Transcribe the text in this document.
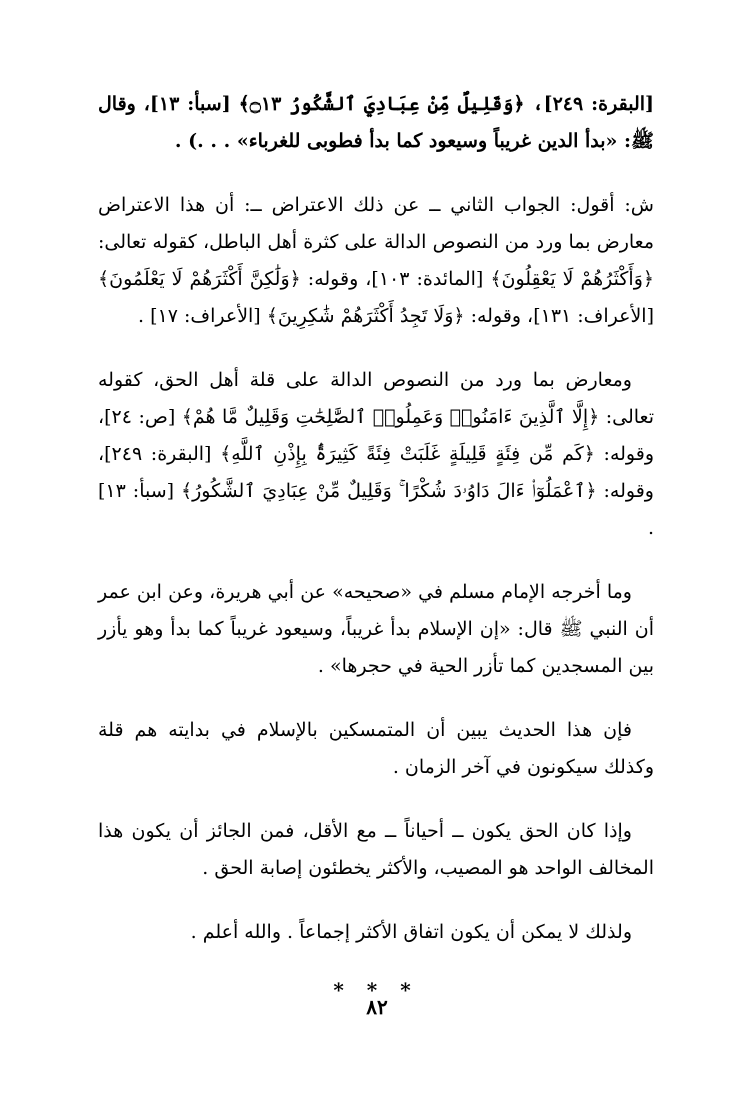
[البقرة: ٢٤٩]، ﴿وَقَلِيلٌ مِّنْ عِبَادِيَ ٱلشَّكُورُ ۝١٣﴾ [سبأ: ١٣]، وقال ﷺ: «بدأ الدين غريباً وسيعود كما بدأ فطوبى للغرباء» . . .) .

ش: أقول: الجواب الثاني ــ عن ذلك الاعتراض ــ: أن هذا الاعتراض معارض بما ورد من النصوص الدالة على كثرة أهل الباطل، كقوله تعالى: ﴿وَأَكْثَرُهُمْ لَا يَعْقِلُونَ﴾ [المائدة: ١٠٣]، وقوله: ﴿وَلَٰكِنَّ أَكْثَرَهُمْ لَا يَعْلَمُونَ﴾ [الأعراف: ١٣١]، وقوله: ﴿وَلَا تَجِدُ أَكْثَرَهُمْ شَٰكِرِينَ﴾ [الأعراف: ١٧] .

ومعارض بما ورد من النصوص الدالة على قلة أهل الحق، كقوله تعالى: ﴿إِلَّا ٱلَّذِينَ ءَامَنُوا۟ وَعَمِلُوا۟ ٱلصَّٰلِحَٰتِ وَقَلِيلٌ مَّا هُمْ﴾ [ص: ٢٤]، وقوله: ﴿كَم مِّن فِئَةٍ قَلِيلَةٍ غَلَبَتْ فِئَةً كَثِيرَةًۢ بِإِذْنِ ٱللَّهِ﴾ [البقرة: ٢٤٩]، وقوله: ﴿ٱعْمَلُوٓا۟ ءَالَ دَاوُۥدَ شُكْرًا ۚ وَقَلِيلٌ مِّنْ عِبَادِيَ ٱلشَّكُورُ﴾ [سبأ: ١٣] .

وما أخرجه الإمام مسلم في «صحيحه» عن أبي هريرة، وعن ابن عمر أن النبي ﷺ قال: «إن الإسلام بدأ غريباً، وسيعود غريباً كما بدأ وهو يأزر بين المسجدين كما تأزر الحية في حجرها» .

فإن هذا الحديث يبين أن المتمسكين بالإسلام في بدايته هم قلة وكذلك سيكونون في آخر الزمان .

وإذا كان الحق يكون ــ أحياناً ــ مع الأقل، فمن الجائز أن يكون هذا المخالف الواحد هو المصيب، والأكثر يخطئون إصابة الحق .

ولذلك لا يمكن أن يكون اتفاق الأكثر إجماعاً . والله أعلم .

* * *
٨٢
